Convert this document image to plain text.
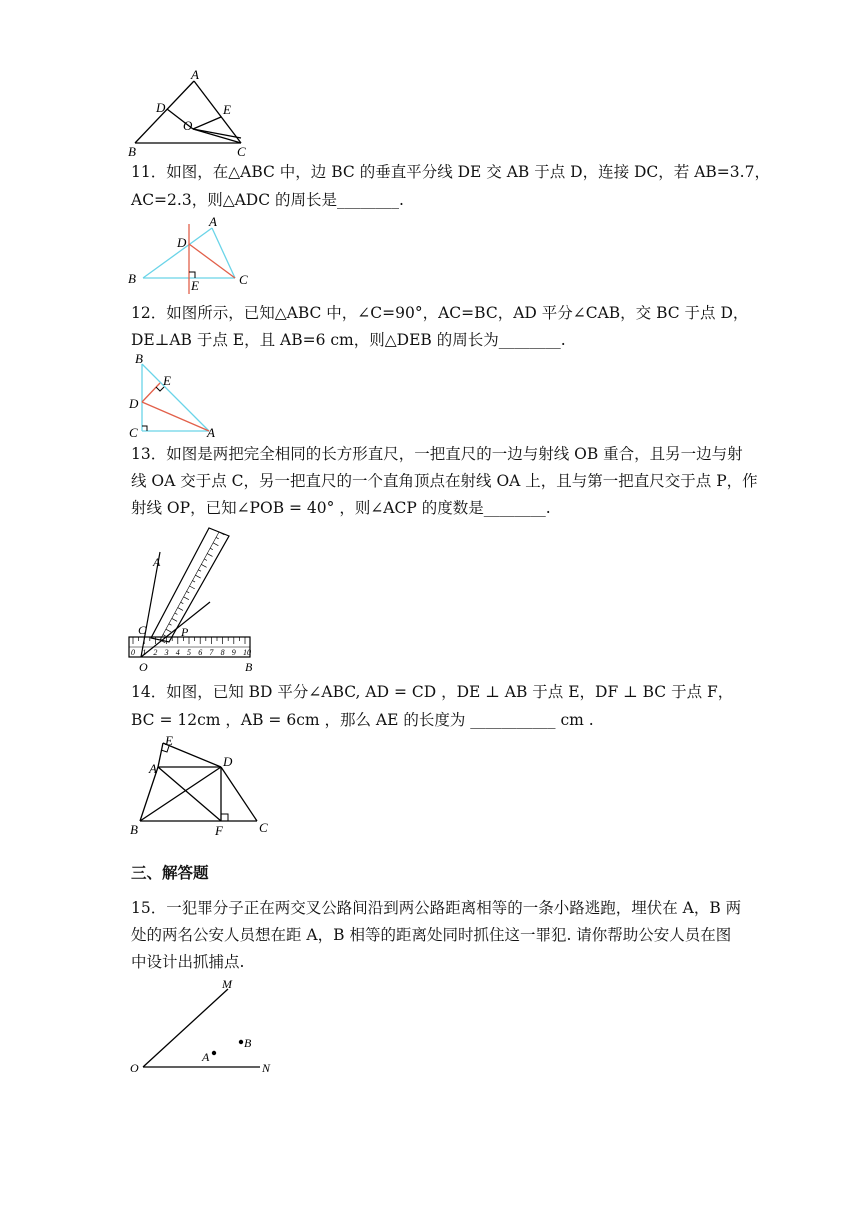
A
B	C
D	E
O
11．如图，在△ABC 中，边 BC 的垂直平分线 DE 交 AB 于点 D，连接 DC，若 AB=3.7，
AC=2.3，则△ADC 的周长是________.
A
B	C
D
E
12．如图所示，已知△ABC 中，∠C=90°，AC=BC，AD 平分∠CAB，交 BC 于点 D，
DE⊥AB 于点 E，且 AB=6 cm，则△DEB 的周长为________.
B
E
D
C	A
13．如图是两把完全相同的长方形直尺，一把直尺的一边与射线 OB 重合，且另一边与射
线 OA 交于点 C，另一把直尺的一个直角顶点在射线 OA 上，且与第一把直尺交于点 P，作
射线 OP，已知∠POB = 40° ，则∠ACP 的度数是________.
0 1 2 3 4 5 6 7 8 9 10
A
C	P
O	B
14．如图，已知 BD 平分∠ABC, AD = CD ，DE ⊥ AB 于点 E，DF ⊥ BC 于点 F，
BC = 12cm ，AB = 6cm ，那么 AE 的长度为 ___________ cm .
E
A	D
B	F	C
三、解答题
15．一犯罪分子正在两交叉公路间沿到两公路距离相等的一条小路逃跑，埋伏在 A，B 两
处的两名公安人员想在距 A，B 相等的距离处同时抓住这一罪犯. 请你帮助公安人员在图
中设计出抓捕点.
M
O	N
A
B
